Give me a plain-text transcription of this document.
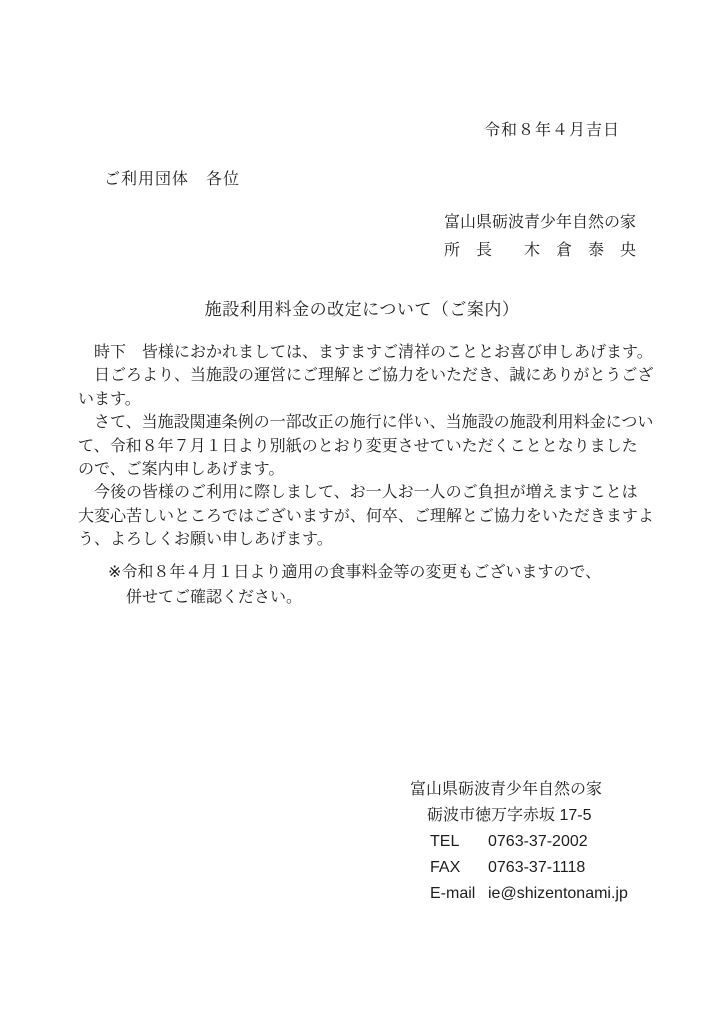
令和８年４月吉日
ご利用団体　各位
富山県砺波青少年自然の家
所　長　　木　倉　泰　央
施設利用料金の改定について（ご案内）
　時下　皆様におかれましては、ますますご清祥のこととお喜び申しあげます。
　日ごろより、当施設の運営にご理解とご協力をいただき、誠にありがとうござ
います。
　さて、当施設関連条例の一部改正の施行に伴い、当施設の施設利用料金につい
て、令和８年７月１日より別紙のとおり変更させていただくこととなりました
ので、ご案内申しあげます。
　今後の皆様のご利用に際しまして、お一人お一人のご負担が増えますことは
大変心苦しいところではございますが、何卒、ご理解とご協力をいただきますよ
う、よろしくお願い申しあげます。
※令和８年４月１日より適用の食事料金等の変更もございますので、
併せてご確認ください。
富山県砺波青少年自然の家
砺波市徳万字赤坂 17-5
TEL 0763-37-2002
FAX 0763-37-1118
E-mail ie@shizentonami.jp
